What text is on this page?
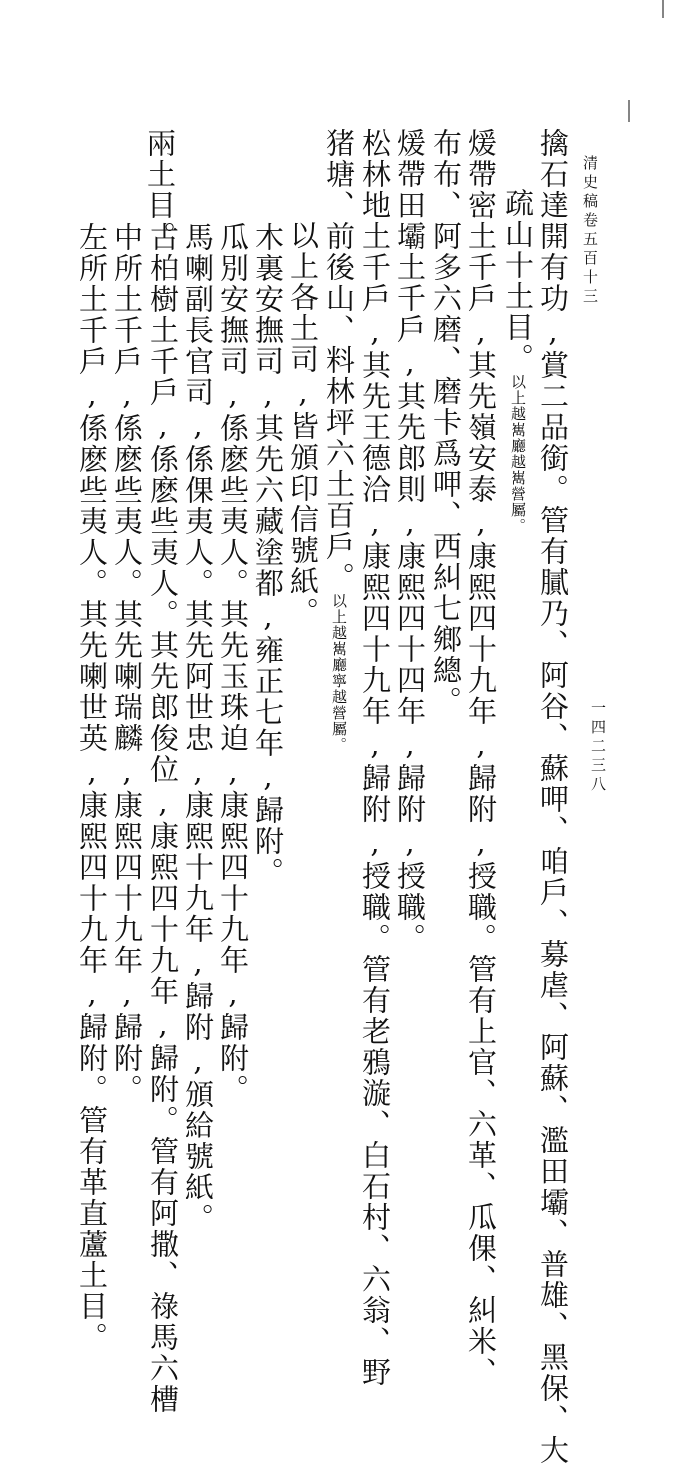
清史稿卷五百十三
一四二三八
擒石達開有功,賞二品銜。管有膩乃、阿谷、蘇呷、咱戶、募虐、阿蘇、濫田壩、普雄、黑保、大
疏山十土目。以上越嶲廳越嶲營屬。
煖帶密土千戶,其先嶺安泰,康熙四十九年,歸附,授職。管有上官、六革、瓜倮、糾米、
布布、阿多六磨、磨卡爲呷、西糾七鄉總。
煖帶田壩土千戶,其先郎則,康熙四十四年,歸附,授職。
松林地土千戶,其先王德洽,康熙四十九年,歸附,授職。管有老鴉漩、白石村、六翁、野
猪塘、前後山、料林坪六土百戶。以上越嶲廳寧越營屬。
以上各土司,皆頒印信號紙。
木裏安撫司,其先六藏塗都,雍正七年,歸附。
瓜別安撫司,係麽些夷人。其先玉珠迫,康熙四十九年,歸附。
馬喇副長官司,係倮夷人。其先阿世忠,康熙十九年,歸附,頒給號紙。
古柏樹土千戶,係麽些夷人。其先郎俊位,康熙四十九年,歸附。管有阿撒、祿馬六槽
兩土目。
中所土千戶,係麽些夷人。其先喇瑞麟,康熙四十九年,歸附。
左所土千戶,係麽些夷人。其先喇世英,康熙四十九年,歸附。管有革直蘆土目。
